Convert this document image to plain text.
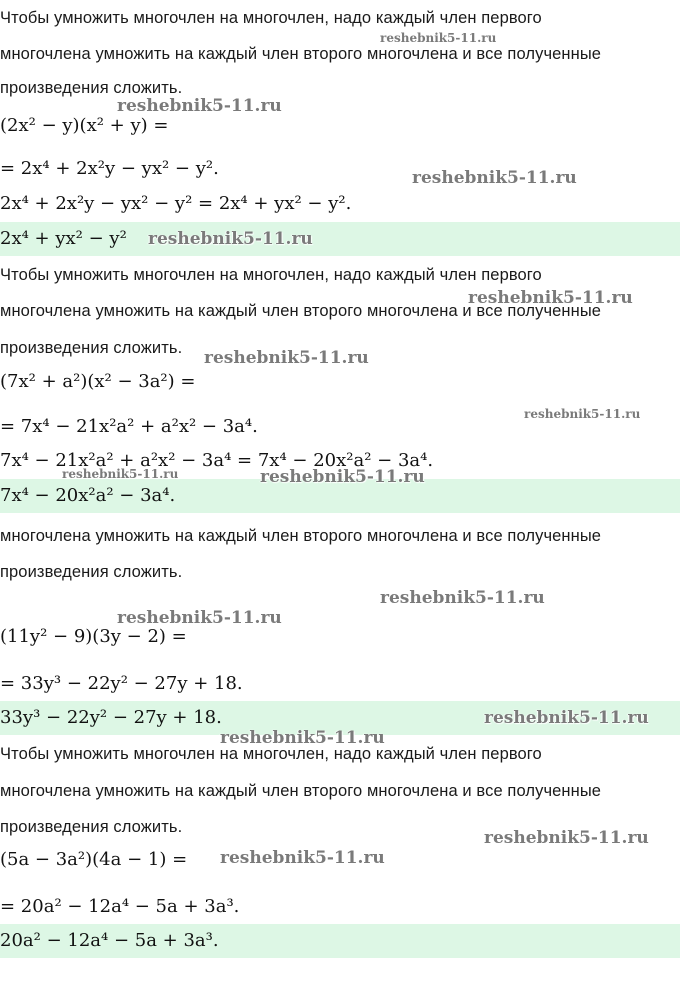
Чтобы умножить многочлен на многочлен, надо каждый член первого
многочлена умножить на каждый член второго многочлена и все полученные
произведения сложить.
(2x² − y)(x² + y) =
= 2x⁴ + 2x²y − yx² − y².
2x⁴ + 2x²y − yx² − y² = 2x⁴ + yx² − y².
2x⁴ + yx² − y²
Чтобы умножить многочлен на многочлен, надо каждый член первого
многочлена умножить на каждый член второго многочлена и все полученные
произведения сложить.
(7x² + a²)(x² − 3a²) =
= 7x⁴ − 21x²a² + a²x² − 3a⁴.
7x⁴ − 21x²a² + a²x² − 3a⁴ = 7x⁴ − 20x²a² − 3a⁴.
7x⁴ − 20x²a² − 3a⁴.
многочлена умножить на каждый член второго многочлена и все полученные
произведения сложить.
(11y² − 9)(3y − 2) =
= 33y³ − 22y² − 27y + 18.
33y³ − 22y² − 27y + 18.
Чтобы умножить многочлен на многочлен, надо каждый член первого
многочлена умножить на каждый член второго многочлена и все полученные
произведения сложить.
(5a − 3a²)(4a − 1) =
= 20a² − 12a⁴ − 5a + 3a³.
20a² − 12a⁴ − 5a + 3a³.
reshebnik5-11.ru
reshebnik5-11.ru
reshebnik5-11.ru
reshebnik5-11.ru
reshebnik5-11.ru
reshebnik5-11.ru
reshebnik5-11.ru
reshebnik5-11.ru	reshebnik5-11.ru
reshebnik5-11.ru
reshebnik5-11.ru
reshebnik5-11.ru
reshebnik5-11.ru
reshebnik5-11.ru
reshebnik5-11.ru
